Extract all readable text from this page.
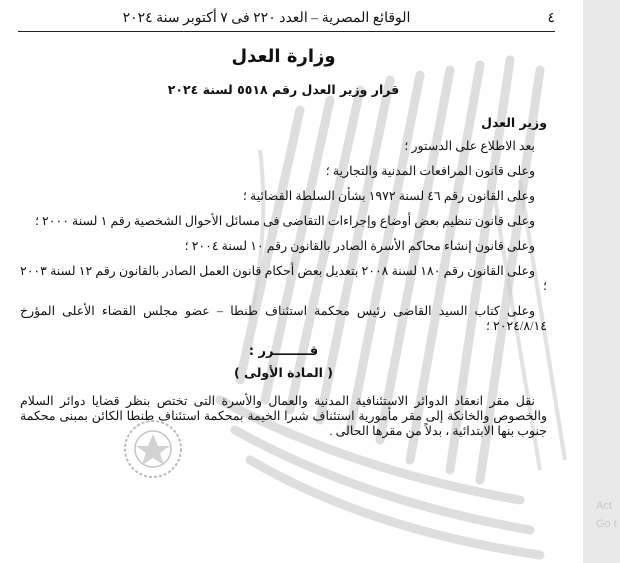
٤
الوقائع المصرية – العدد ٢٢٠ فى ٧ أكتوبر سنة ٢٠٢٤
وزارة العدل
قرار وزير العدل رقم ٥٥١٨ لسنة ٢٠٢٤
وزير العدل

بعد الاطلاع على الدستور ؛

وعلى قانون المرافعات المدنية والتجارية ؛

وعلى القانون رقم ٤٦ لسنة ١٩٧٢ بشأن السلطة القضائية ؛

وعلى قانون تنظيم بعض أوضاع وإجراءات التقاضى فى مسائل الأحوال الشخصية رقم ١ لسنة ٢٠٠٠ ؛

وعلى قانون إنشاء محاكم الأسرة الصادر بالقانون رقم ١٠ لسنة ٢٠٠٤ ؛

وعلى القانون رقم ١٨٠ لسنة ٢٠٠٨ بتعديل بعض أحكام قانون العمل الصادر بالقانون رقم ١٢ لسنة ٢٠٠٣ ؛

وعلى كتاب السيد القاضى رئيس محكمة استئناف طنطا – عضو مجلس القضاء الأعلى المؤرخ ٢٠٢٤/٨/١٤ ؛

قــــــــرر :
( المادة الأولى )

نقل مقر انعقاد الدوائر الاستئنافية المدنية والعمال والأسرة التى تختص بنظر قضايا دوائر السلام والخصوص والخانكة إلى مقر مأمورية استئناف شبرا الخيمة بمحكمة استئناف طنطا الكائن بمبنى محكمة جنوب بنها الابتدائية ، بدلاً من مقرها الحالى .

Act
Go t
